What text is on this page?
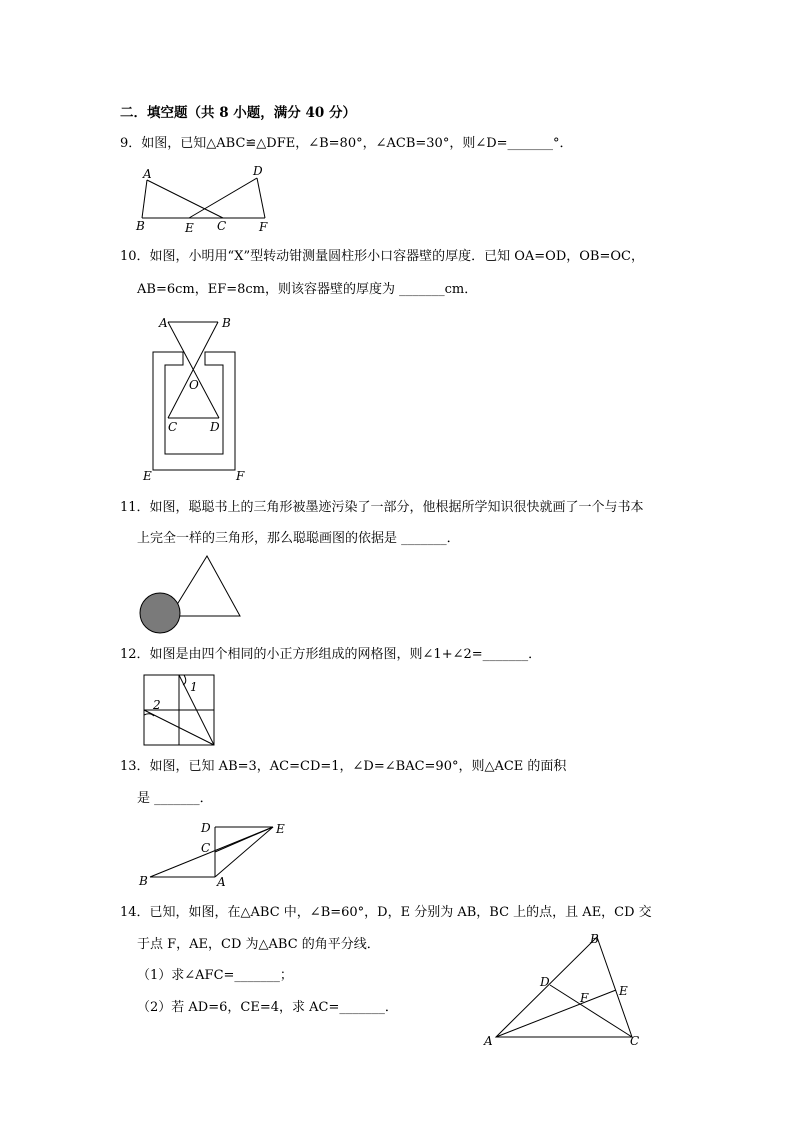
二．填空题（共 8 小题，满分 40 分）
9．如图，已知△ABC≌△DFE，∠B=80°，∠ACB=30°，则∠D=_______°．
A
B	E C
D
F
10．如图，小明用“X”型转动钳测量圆柱形小口容器壁的厚度．已知 OA=OD，OB=OC，
AB=6cm，EF=8cm，则该容器壁的厚度为 _______cm．
A	B
O
C	D
E	F
11．如图，聪聪书上的三角形被墨迹污染了一部分，他根据所学知识很快就画了一个与书本
上完全一样的三角形，那么聪聪画图的依据是 _______．
12．如图是由四个相同的小正方形组成的网格图，则∠1+∠2=_______．
1
2
13．如图，已知 AB=3，AC=CD=1，∠D=∠BAC=90°，则△ACE 的面积
是 _______．
D	E
C
B	A
14．已知，如图，在△ABC 中，∠B=60°，D，E 分别为 AB，BC 上的点，且 AE，CD 交
于点 F，AE，CD 为△ABC 的角平分线．
（1）求∠AFC=_______；
（2）若 AD=6，CE=4，求 AC=_______．
B
D
F	E
A	C
